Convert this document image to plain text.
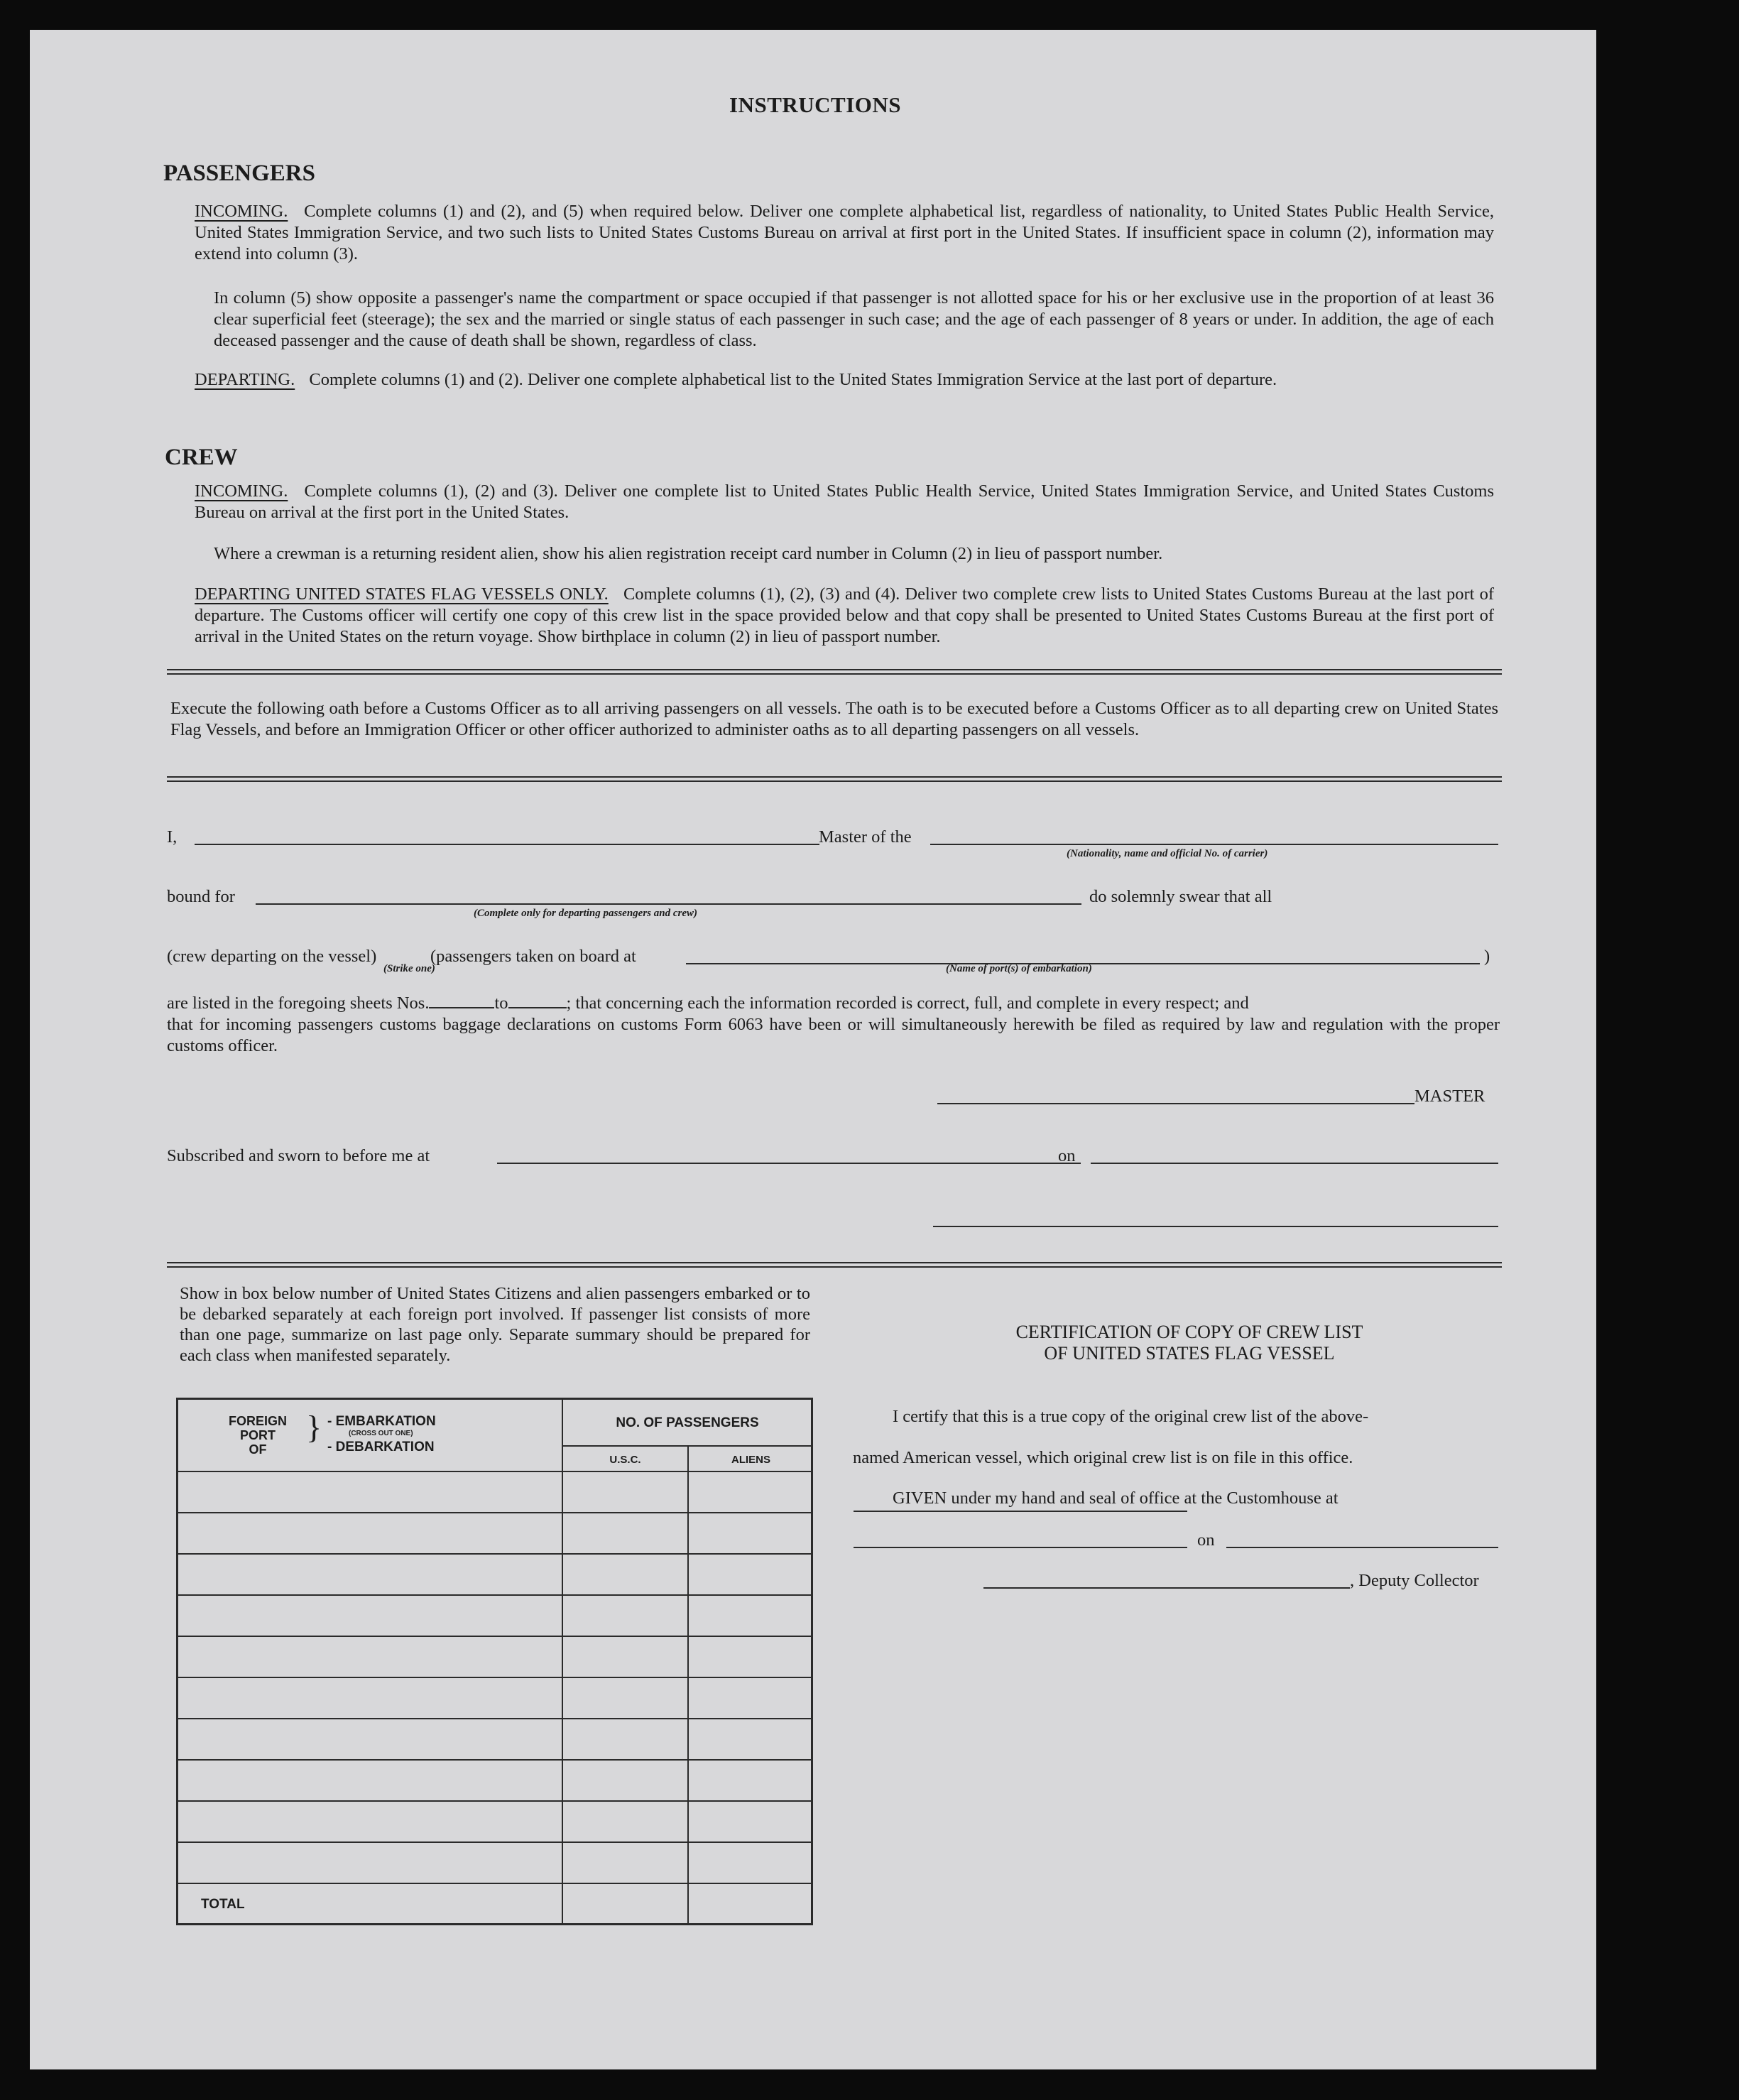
INSTRUCTIONS
PASSENGERS
INCOMING. Complete columns (1) and (2), and (5) when required below. Deliver one complete alphabetical list, regardless of nationality, to United States Public Health Service, United States Immigration Service, and two such lists to United States Customs Bureau on arrival at first port in the United States. If insufficient space in column (2), information may extend into column (3).
In column (5) show opposite a passenger's name the compartment or space occupied if that passenger is not allotted space for his or her exclusive use in the proportion of at least 36 clear superficial feet (steerage); the sex and the married or single status of each passenger in such case; and the age of each passenger of 8 years or under. In addition, the age of each deceased passenger and the cause of death shall be shown, regardless of class.
DEPARTING. Complete columns (1) and (2). Deliver one complete alphabetical list to the United States Immigration Service at the last port of departure.
CREW
INCOMING. Complete columns (1), (2) and (3). Deliver one complete list to United States Public Health Service, United States Immigration Service, and United States Customs Bureau on arrival at the first port in the United States.
Where a crewman is a returning resident alien, show his alien registration receipt card number in Column (2) in lieu of passport number.
DEPARTING UNITED STATES FLAG VESSELS ONLY. Complete columns (1), (2), (3) and (4). Deliver two complete crew lists to United States Customs Bureau at the last port of departure. The Customs officer will certify one copy of this crew list in the space provided below and that copy shall be presented to United States Customs Bureau at the first port of arrival in the United States on the return voyage. Show birthplace in column (2) in lieu of passport number.
Execute the following oath before a Customs Officer as to all arriving passengers on all vessels. The oath is to be executed before a Customs Officer as to all departing crew on United States Flag Vessels, and before an Immigration Officer or other officer authorized to administer oaths as to all departing passengers on all vessels.
I,	Master of the
(Nationality, name and official No. of carrier)
bound for	do solemnly swear that all
(Complete only for departing passengers and crew)
(crew departing on the vessel)	(passengers taken on board at	)
(Strike one)	(Name of port(s) of embarkation)
are listed in the foregoing sheets Nos.	to	; that concerning each the information recorded is correct, full, and complete in every respect; and
that for incoming passengers customs baggage declarations on customs Form 6063 have been or will simultaneously herewith be filed as required by law and regulation with the proper customs officer.
MASTER
Subscribed and sworn to before me at	on
Show in box below number of United States Citizens and alien passengers embarked or to be debarked separately at each foreign port involved. If passenger list consists of more than one page, summarize on last page only. Separate summary should be prepared for each class when manifested separately.
FOREIGN
PORT
OF
} - EMBARKATION
(CROSS OUT ONE)
- DEBARKATION
NO. OF PASSENGERS
U.S.C.	ALIENS
TOTAL
CERTIFICATION OF COPY OF CREW LIST
OF UNITED STATES FLAG VESSEL
I certify that this is a true copy of the original crew list of the above-
named American vessel, which original crew list is on file in this office.
GIVEN under my hand and seal of office at the Customhouse at
on
, Deputy Collector
